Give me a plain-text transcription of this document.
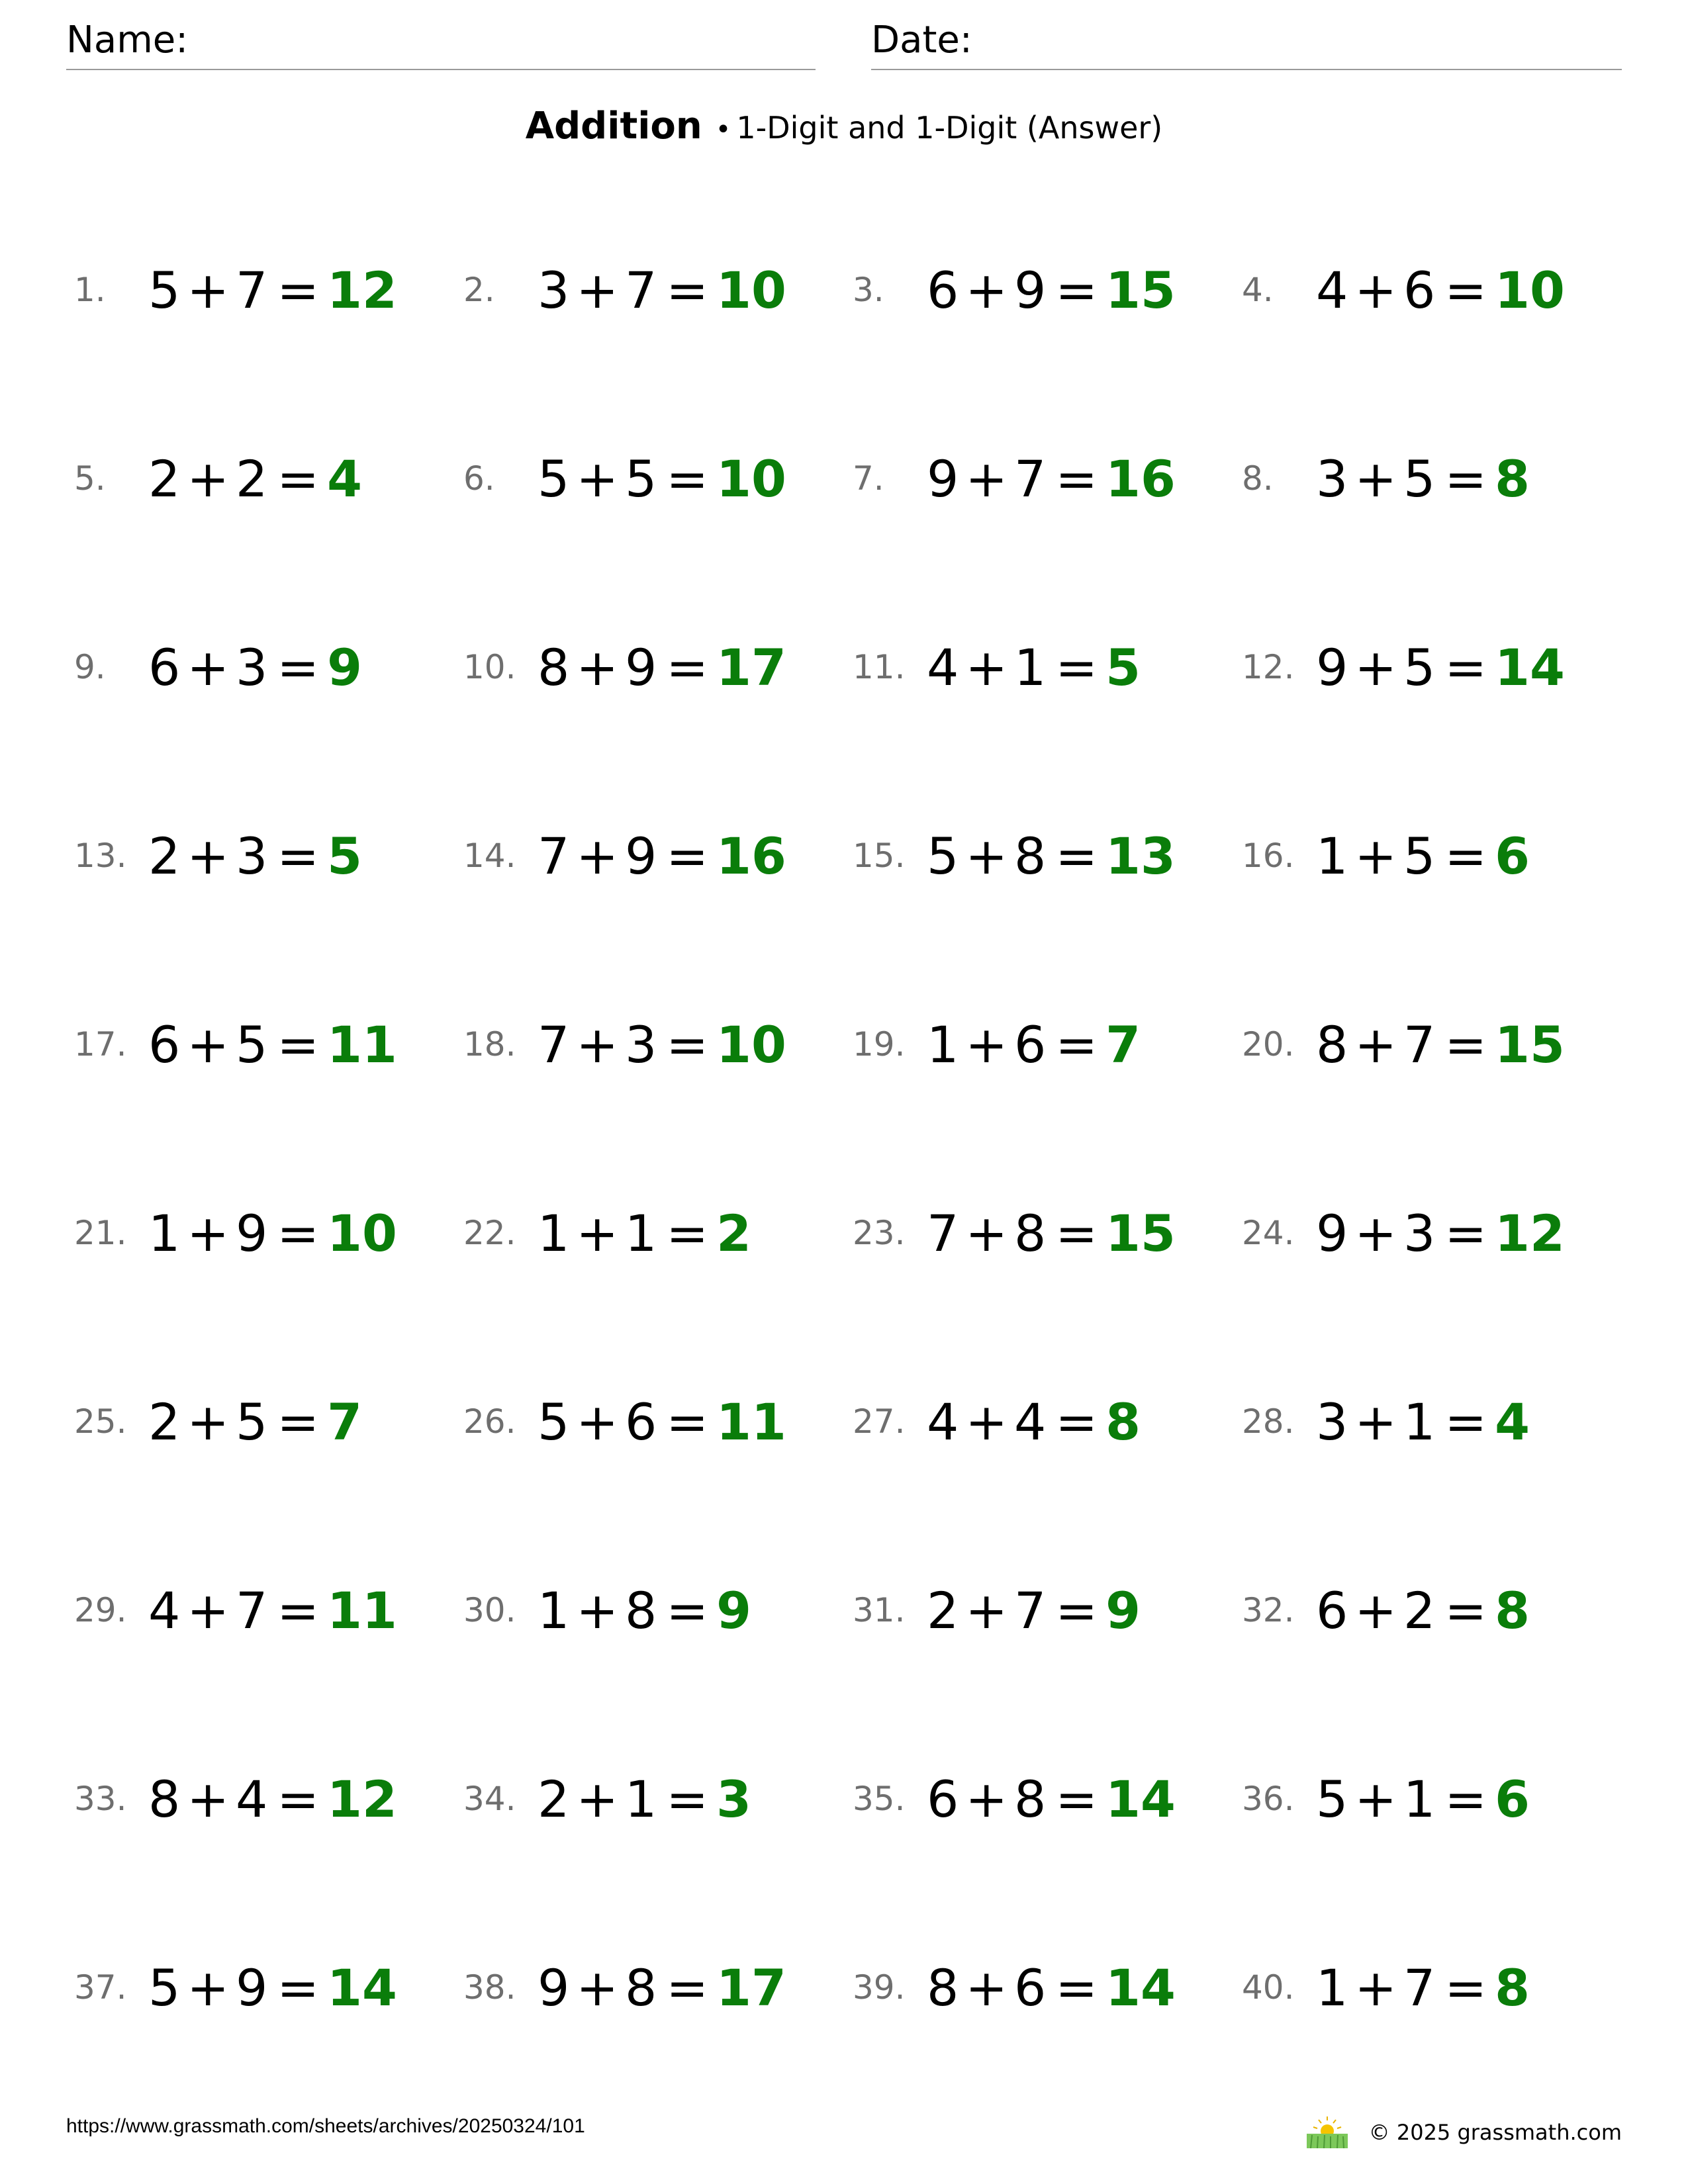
Name:	Date:
Addition • 1-Digit and 1-Digit (Answer)
1. 5 + 7 = 12 2. 3 + 7 = 10 3. 6 + 9 = 15 4. 4 + 6 = 10
5. 2 + 2 = 4	6. 5 + 5 = 10 7. 9 + 7 = 16 8. 3 + 5 = 8
9. 6 + 3 = 9	10. 8 + 9 = 17 11. 4 + 1 = 5	12. 9 + 5 = 14
13. 2 + 3 = 5	14. 7 + 9 = 16 15. 5 + 8 = 13 16. 1 + 5 = 6
17. 6 + 5 = 11 18. 7 + 3 = 10 19. 1 + 6 = 7	20. 8 + 7 = 15
21. 1 + 9 = 10 22. 1 + 1 = 2	23. 7 + 8 = 15 24. 9 + 3 = 12
25. 2 + 5 = 7	26. 5 + 6 = 11 27. 4 + 4 = 8	28. 3 + 1 = 4
29. 4 + 7 = 11 30. 1 + 8 = 9	31. 2 + 7 = 9	32. 6 + 2 = 8
33. 8 + 4 = 12 34. 2 + 1 = 3	35. 6 + 8 = 14 36. 5 + 1 = 6
37. 5 + 9 = 14 38. 9 + 8 = 17 39. 8 + 6 = 14 40. 1 + 7 = 8
https://www.grassmath.com/sheets/archives/20250324/101	© 2025 grassmath.com
